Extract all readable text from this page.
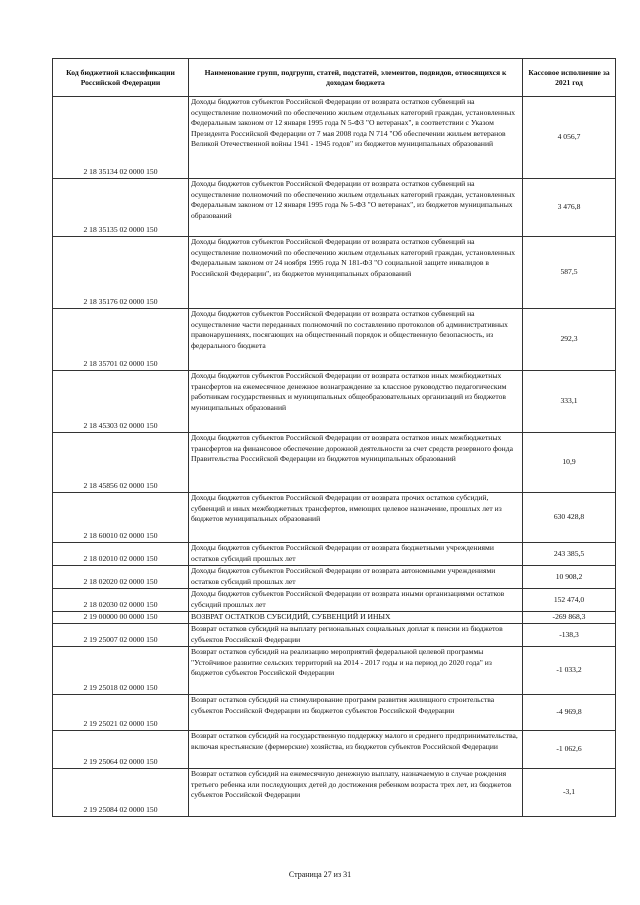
Код бюджетной классификации Российской Федерации	Наименование групп, подгрупп, статей, подстатей, элементов, подвидов, относящихся к доходам бюджета	Кассовое исполнение за 2021 год
2 18 35134 02 0000 150	Доходы бюджетов субъектов Российской Федерации от возврата остатков субвенций на осуществление полномочий по обеспечению жильем отдельных категорий граждан, установленных Федеральным законом от 12 января 1995 года N 5-ФЗ "О ветеранах", в соответствии с Указом Президента Российской Федерации от 7 мая 2008 года N 714 "Об обеспечении жильем ветеранов Великой Отечественной войны 1941 - 1945 годов" из бюджетов муниципальных образований	4 056,7
2 18 35135 02 0000 150	Доходы бюджетов субъектов Российской Федерации от возврата остатков субвенций на осуществление полномочий по обеспечению жильем отдельных категорий граждан, установленных Федеральным законом от 12 января 1995 года № 5-ФЗ "О ветеранах", из бюджетов муниципальных образований	3 476,8
2 18 35176 02 0000 150	Доходы бюджетов субъектов Российской Федерации от возврата остатков субвенций на осуществление полномочий по обеспечению жильем отдельных категорий граждан, установленных Федеральным законом от 24 ноября 1995 года N 181-ФЗ "О социальной защите инвалидов в Российской Федерации", из бюджетов муниципальных образований	587,5
2 18 35701 02 0000 150	Доходы бюджетов субъектов Российской Федерации от возврата остатков субвенций на осуществление части переданных полномочий по составлению протоколов об административных правонарушениях, посягающих на общественный порядок и общественную безопасность, из федерального бюджета	292,3
2 18 45303 02 0000 150	Доходы бюджетов субъектов Российской Федерации от возврата остатков иных межбюджетных трансфертов на ежемесячное денежное вознаграждение за классное руководство педагогическим работникам государственных и муниципальных общеобразовательных организаций из бюджетов муниципальных образований	333,1
2 18 45856 02 0000 150	Доходы бюджетов субъектов Российской Федерации от возврата остатков иных межбюджетных трансфертов на финансовое обеспечение дорожной деятельности за счет средств резервного фонда Правительства Российской Федерации из бюджетов муниципальных образований	10,9
2 18 60010 02 0000 150	Доходы бюджетов субъектов Российской Федерации от возврата прочих остатков субсидий, субвенций и иных межбюджетных трансфертов, имеющих целевое назначение, прошлых лет из бюджетов муниципальных образований	630 428,8
2 18 02010 02 0000 150	Доходы бюджетов субъектов Российской Федерации от возврата бюджетными учреждениями остатков субсидий прошлых лет	243 385,5
2 18 02020 02 0000 150	Доходы бюджетов субъектов Российской Федерации от возврата автономными учреждениями остатков субсидий прошлых лет	10 908,2
2 18 02030 02 0000 150	Доходы бюджетов субъектов Российской Федерации от возврата иными организациями остатков субсидий прошлых лет	152 474,0
2 19 00000 00 0000 150	ВОЗВРАТ ОСТАТКОВ СУБСИДИЙ, СУБВЕНЦИЙ И ИНЫХ	-269 868,3
2 19 25007 02 0000 150	Возврат остатков субсидий на выплату региональных социальных доплат к пенсии из бюджетов субъектов Российской Федерации	-138,3
2 19 25018 02 0000 150	Возврат остатков субсидий на реализацию мероприятий федеральной целевой программы "Устойчивое развитие сельских территорий на 2014 - 2017 годы и на период до 2020 года" из бюджетов субъектов Российской Федерации	-1 033,2
2 19 25021 02 0000 150	Возврат остатков субсидий на стимулирование программ развития жилищного строительства субъектов Российской Федерации из бюджетов субъектов Российской Федерации	-4 969,8
2 19 25064 02 0000 150	Возврат остатков субсидий на государственную поддержку малого и среднего предпринимательства, включая крестьянские (фермерские) хозяйства, из бюджетов субъектов Российской Федерации	-1 062,6
2 19 25084 02 0000 150	Возврат остатков субсидий на ежемесячную денежную выплату, назначаемую в случае рождения третьего ребенка или последующих детей до достижения ребенком возраста трех лет, из бюджетов субъектов Российской Федерации	-3,1
Страница 27 из 31
